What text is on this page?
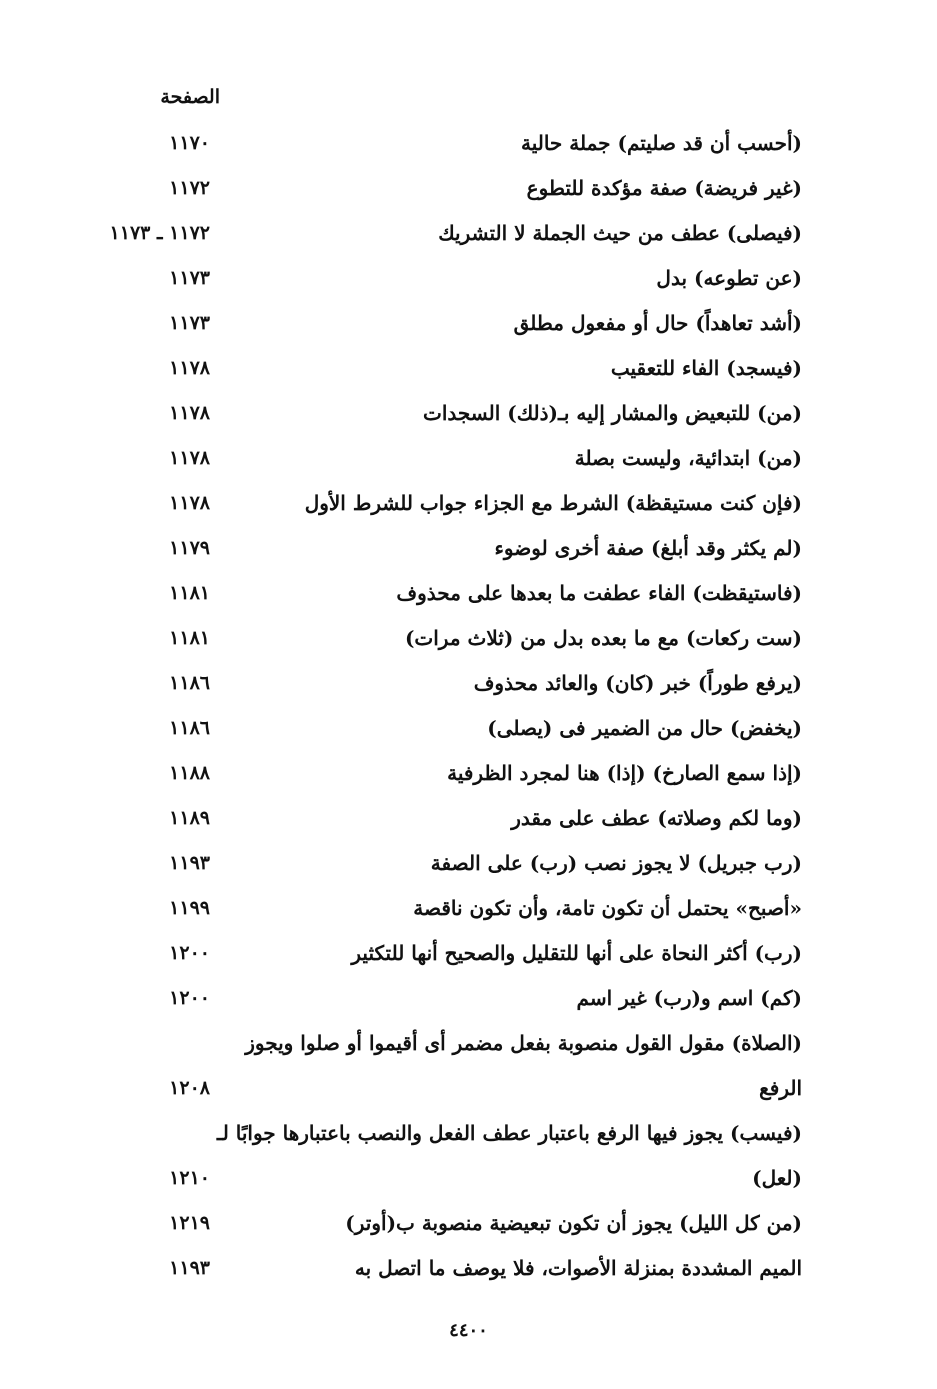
الصفحة
(أحسب أن قد صليتم) جملة حالية
١١٧٠
(غير فريضة) صفة مؤكدة للتطوع
١١٧٢
(فيصلى) عطف من حيث الجملة لا التشريك
١١٧٢ ـ ١١٧٣
(عن تطوعه) بدل
١١٧٣
(أشد تعاهداً) حال أو مفعول مطلق
١١٧٣
(فيسجد) الفاء للتعقيب
١١٧٨
(من) للتبعيض والمشار إليه بـ(ذلك) السجدات
١١٧٨
(من) ابتدائية، وليست بصلة
١١٧٨
(فإن كنت مستيقظة) الشرط مع الجزاء جواب للشرط الأول
١١٧٨
(لم يكثر وقد أبلغ) صفة أخرى لوضوء
١١٧٩
(فاستيقظت) الفاء عطفت ما بعدها على محذوف
١١٨١
(ست ركعات) مع ما بعده بدل من (ثلاث مرات)
١١٨١
(يرفع طوراً) خبر (كان) والعائد محذوف
١١٨٦
(يخفض) حال من الضمير فى (يصلى)
١١٨٦
(إذا سمع الصارخ) (إذا) هنا لمجرد الظرفية
١١٨٨
(وما لكم وصلاته) عطف على مقدر
١١٨٩
(رب جبريل) لا يجوز نصب (رب) على الصفة
١١٩٣
«أصبح» يحتمل أن تكون تامة، وأن تكون ناقصة
١١٩٩
(رب) أكثر النحاة على أنها للتقليل والصحيح أنها للتكثير
١٢٠٠
(كم) اسم و(رب) غير اسم
١٢٠٠
(الصلاة) مقول القول منصوبة بفعل مضمر أى أقيموا أو صلوا ويجوز الرفع
١٢٠٨
(فيسب) يجوز فيها الرفع باعتبار عطف الفعل والنصب باعتبارها جوابًا لـ (لعل)
١٢١٠
(من كل الليل) يجوز أن تكون تبعيضية منصوبة ب(أوتر)
١٢١٩
الميم المشددة بمنزلة الأصوات، فلا يوصف ما اتصل به
١١٩٣
٤٤٠٠
